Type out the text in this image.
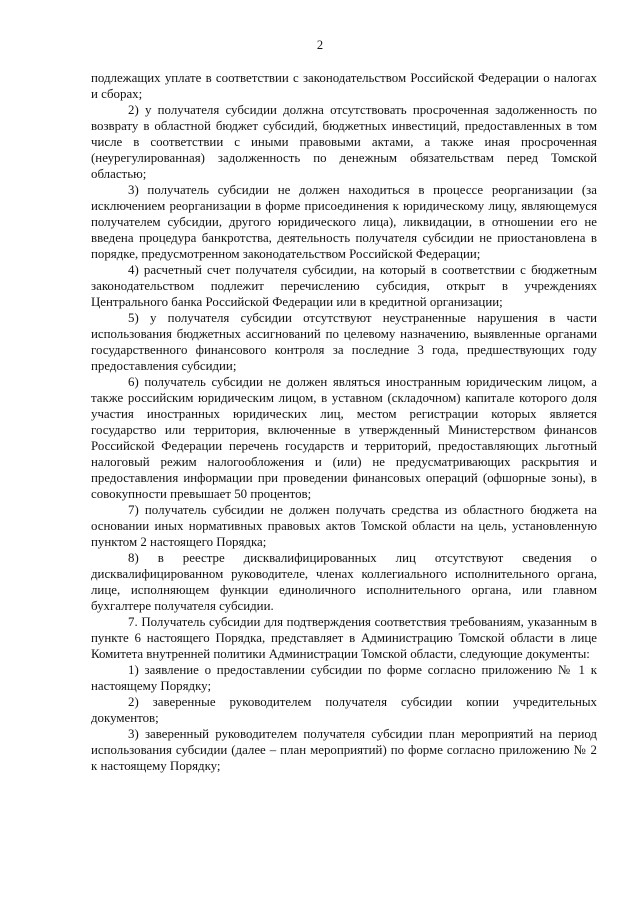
2

подлежащих уплате в соответствии с законодательством Российской Федерации о налогах и сборах;

2) у получателя субсидии должна отсутствовать просроченная задолженность по возврату в областной бюджет субсидий, бюджетных инвестиций, предоставленных в том числе в соответствии с иными правовыми актами, а также иная просроченная (неурегулированная) задолженность по денежным обязательствам перед Томской областью;

3) получатель субсидии не должен находиться в процессе реорганизации (за исключением реорганизации в форме присоединения к юридическому лицу, являющемуся получателем субсидии, другого юридического лица), ликвидации, в отношении его не введена процедура банкротства, деятельность получателя субсидии не приостановлена в порядке, предусмотренном законодательством Российской Федерации;

4) расчетный счет получателя субсидии, на который в соответствии с бюджетным законодательством подлежит перечислению субсидия, открыт в учреждениях Центрального банка Российской Федерации или в кредитной организации;

5) у получателя субсидии отсутствуют неустраненные нарушения в части использования бюджетных ассигнований по целевому назначению, выявленные органами государственного финансового контроля за последние 3 года, предшествующих году предоставления субсидии;

6) получатель субсидии не должен являться иностранным юридическим лицом, а также российским юридическим лицом, в уставном (складочном) капитале которого доля участия иностранных юридических лиц, местом регистрации которых является государство или территория, включенные в утвержденный Министерством финансов Российской Федерации перечень государств и территорий, предоставляющих льготный налоговый режим налогообложения и (или) не предусматривающих раскрытия и предоставления информации при проведении финансовых операций (офшорные зоны), в совокупности превышает 50 процентов;

7) получатель субсидии не должен получать средства из областного бюджета на основании иных нормативных правовых актов Томской области на цель, установленную пунктом 2 настоящего Порядка;

8) в реестре дисквалифицированных лиц отсутствуют сведения о дисквалифицированном руководителе, членах коллегиального исполнительного органа, лице, исполняющем функции единоличного исполнительного органа, или главном бухгалтере получателя субсидии.

7. Получатель субсидии для подтверждения соответствия требованиям, указанным в пункте 6 настоящего Порядка, представляет в Администрацию Томской области в лице Комитета внутренней политики Администрации Томской области, следующие документы:

1) заявление о предоставлении субсидии по форме согласно приложению № 1 к настоящему Порядку;

2) заверенные руководителем получателя субсидии копии учредительных документов;

3) заверенный руководителем получателя субсидии план мероприятий на период использования субсидии (далее – план мероприятий) по форме согласно приложению № 2 к настоящему Порядку;
